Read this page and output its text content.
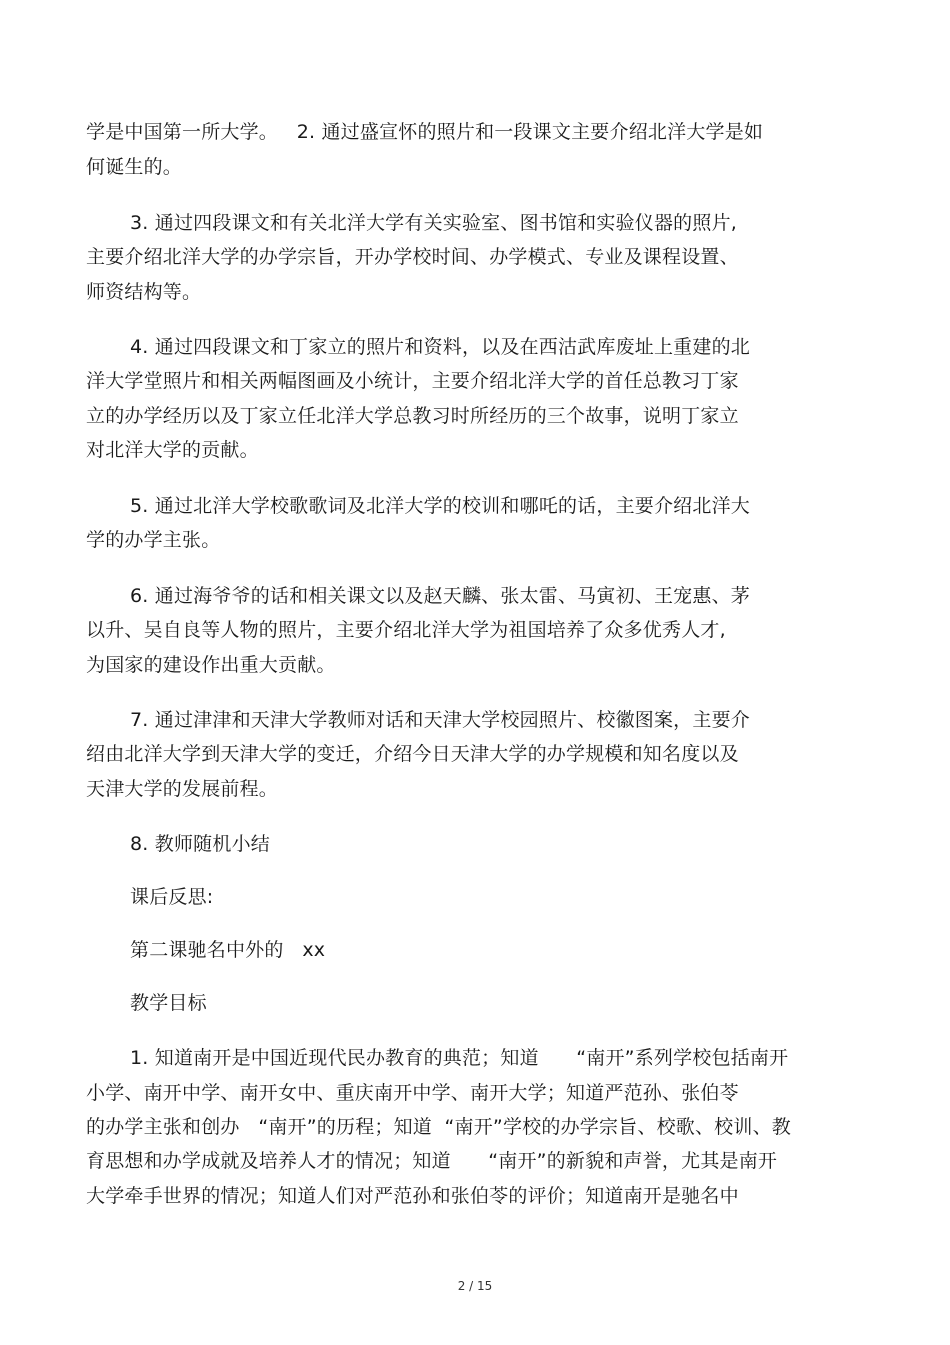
学是中国第一所大学。   2. 通过盛宣怀的照片和一段课文主要介绍北洋大学是如
何诞生的。
3. 通过四段课文和有关北洋大学有关实验室、图书馆和实验仪器的照片,
主要介绍北洋大学的办学宗旨，开办学校时间、办学模式、专业及课程设置、
师资结构等。
4. 通过四段课文和丁家立的照片和资料，以及在西沽武库废址上重建的北
洋大学堂照片和相关两幅图画及小统计，主要介绍北洋大学的首任总教习丁家
立的办学经历以及丁家立任北洋大学总教习时所经历的三个故事，说明丁家立
对北洋大学的贡献。
5. 通过北洋大学校歌歌词及北洋大学的校训和哪吒的话，主要介绍北洋大
学的办学主张。
6. 通过海爷爷的话和相关课文以及赵天麟、张太雷、马寅初、王宠惠、茅
以升、吴自良等人物的照片，主要介绍北洋大学为祖国培养了众多优秀人才,
为国家的建设作出重大贡献。
7. 通过津津和天津大学教师对话和天津大学校园照片、校徽图案，主要介
绍由北洋大学到天津大学的变迁，介绍今日天津大学的办学规模和知名度以及
天津大学的发展前程。
8. 教师随机小结
课后反思:
第二课驰名中外的   xx
教学目标
1. 知道南开是中国近现代民办教育的典范；知道      “南开”系列学校包括南开
小学、南开中学、南开女中、重庆南开中学、南开大学；知道严范孙、张伯苓
的办学主张和创办   “南开”的历程；知道  “南开”学校的办学宗旨、校歌、校训、教
育思想和办学成就及培养人才的情况；知道      “南开”的新貌和声誉，尤其是南开
大学牵手世界的情况；知道人们对严范孙和张伯苓的评价；知道南开是驰名中
2 / 15
